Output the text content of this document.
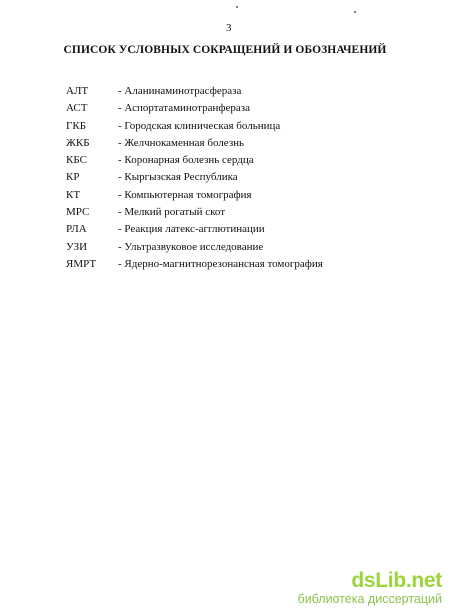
3
СПИСОК УСЛОВНЫХ СОКРАЩЕНИЙ И ОБОЗНАЧЕНИЙ
АЛТ	- Аланинаминотрасфераза
АСТ	- Аспортатаминотранфераза
ГКБ	- Городская клиническая больница
ЖКБ	- Желчнокаменная болезнь
КБС	- Коронарная болезнь сердца
КР	- Кыргызская Республика
КТ	- Компьютерная томография
МРС	- Мелкий рогатый скот
РЛА	- Реакция латекс-агглютинации
УЗИ	- Ультразвуковое исследование
ЯМРТ	- Ядерно-магнитнорезонансная томография
dsLib.net
библиотека диссертаций
